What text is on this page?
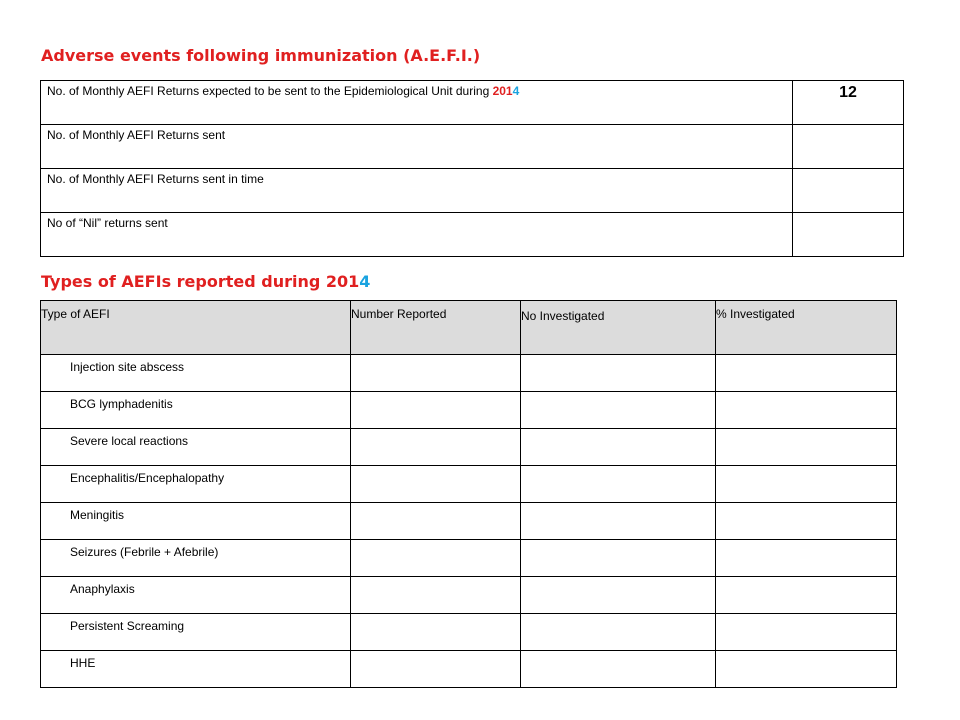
Adverse events following immunization (A.E.F.I.)
No. of Monthly AEFI Returns expected to be sent to the Epidemiological Unit during 2014	12
No. of Monthly AEFI Returns sent	
No. of Monthly AEFI Returns sent in time	
No of “Nil” returns sent	
Types of AEFIs reported during 2014
Type of AEFI	Number Reported	No Investigated	% Investigated
Injection site abscess			
BCG lymphadenitis			
Severe local reactions			
Encephalitis/Encephalopathy			
Meningitis			
Seizures (Febrile + Afebrile)			
Anaphylaxis			
Persistent Screaming			
HHE			
